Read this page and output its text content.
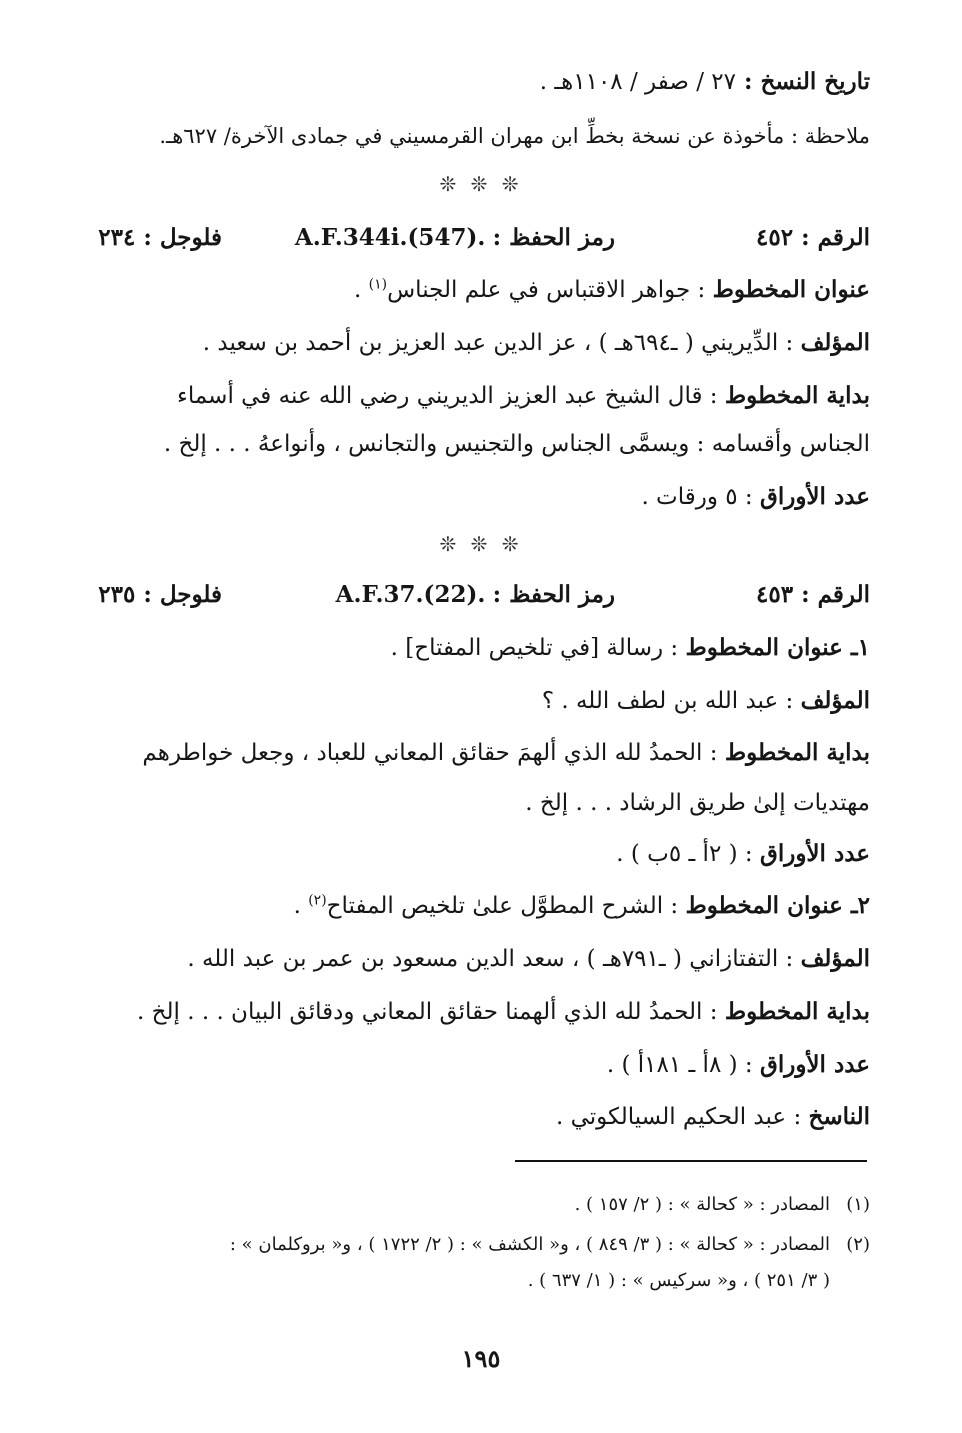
تاريخ النسخ : ٢٧ / صفر / ١١٠٨هـ .
ملاحظة : مأخوذة عن نسخة بخطِّ ابن مهران القرمسيني في جمادى الآخرة/ ٦٢٧هـ.
❊ ❊ ❊
الرقم : ٤٥٢
رمز الحفظ : A.F.344i.(547).
فلوجل : ٢٣٤
عنوان المخطوط : جواهر الاقتباس في علم الجناس$^{(١)}$ .
المؤلف : الدِّيريني ( ـ٦٩٤هـ ) ، عز الدين عبد العزيز بن أحمد بن سعيد .
بداية المخطوط : قال الشيخ عبد العزيز الديريني رضي الله عنه في أسماء
الجناس وأقسامه : ويسمَّى الجناس والتجنيس والتجانس ، وأنواعهُ . . . إلخ .
عدد الأوراق : ٥ ورقات .
❊ ❊ ❊
الرقم : ٤٥٣
رمز الحفظ : A.F.37.(22).
فلوجل : ٢٣٥
١ـ عنوان المخطوط : رسالة [في تلخيص المفتاح] .
المؤلف : عبد الله بن لطف الله . ؟
بداية المخطوط : الحمدُ لله الذي ألهمَ حقائق المعاني للعباد ، وجعل خواطرهم
مهتديات إلىٰ طريق الرشاد . . . إلخ .
عدد الأوراق : ( ٢أ ـ ٥ب ) .
٢ـ عنوان المخطوط : الشرح المطوَّل علىٰ تلخيص المفتاح$^{(٢)}$ .
المؤلف : التفتازاني ( ـ٧٩١هـ ) ، سعد الدين مسعود بن عمر بن عبد الله .
بداية المخطوط : الحمدُ لله الذي ألهمنا حقائق المعاني ودقائق البيان . . . إلخ .
عدد الأوراق : ( ٨أ ـ ١٨١أ ) .
الناسخ : عبد الحكيم السيالكوتي .
(١)المصادر : « كحالة » : ( ٢/ ١٥٧ ) .
(٢)المصادر : « كحالة » : ( ٣/ ٨٤٩ ) ، و« الكشف » : ( ٢/ ١٧٢٢ ) ، و« بروكلمان » :
( ٣/ ٢٥١ ) ، و« سركيس » : ( ١/ ٦٣٧ ) .
١٩٥
